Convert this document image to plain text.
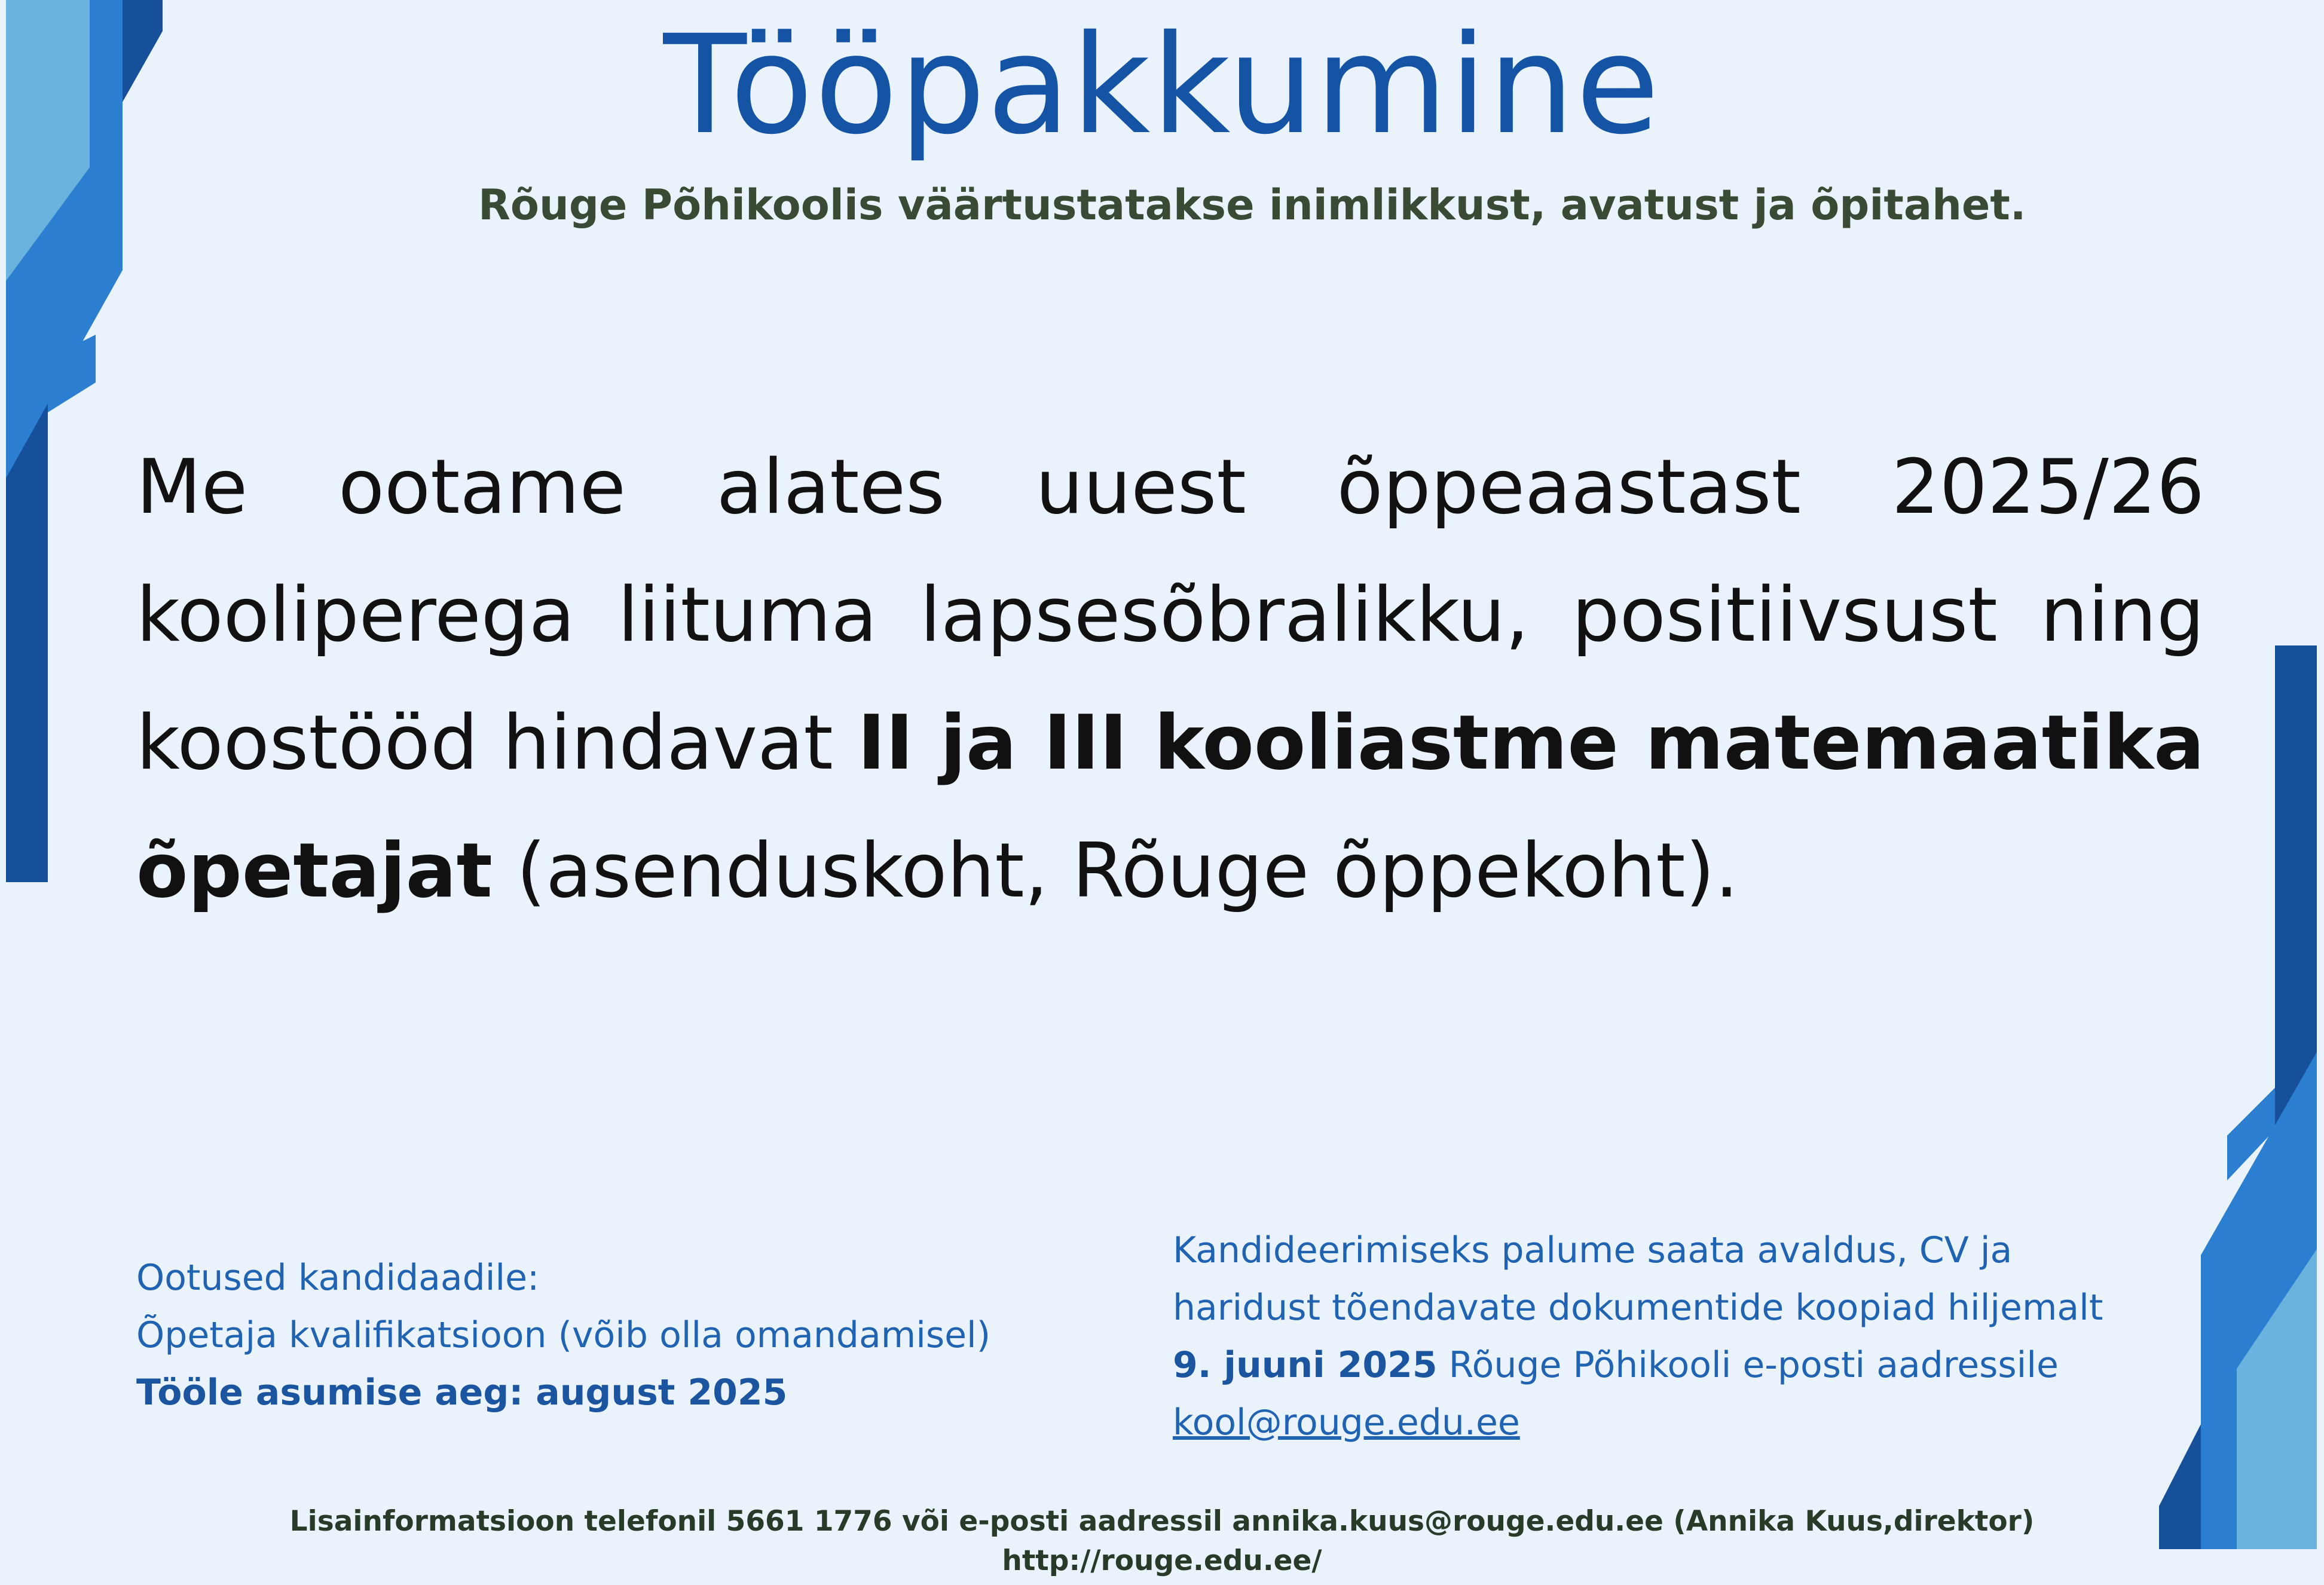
Tööpakkumine
Rõuge Põhikoolis väärtustatakse inimlikkust, avatust ja õpitahet.
Me ootame alates uuest õppeaastast 2025/26 kooliperega liituma lapsesõbralikku, positiivsust ning koostööd hindavat II ja III kooliastme matemaatika õpetajat (asenduskoht, Rõuge õppekoht).
Ootused kandidaadile:
Õpetaja kvalifikatsioon (võib olla omandamisel)
Tööle asumise aeg: august 2025
Kandideerimiseks palume saata avaldus, CV ja
haridust tõendavate dokumentide koopiad hiljemalt
9. juuni 2025 Rõuge Põhikooli e-posti aadressile
kool@rouge.edu.ee
Lisainformatsioon telefonil 5661 1776 või e-posti aadressil annika.kuus@rouge.edu.ee (Annika Kuus,direktor)
http://rouge.edu.ee/
